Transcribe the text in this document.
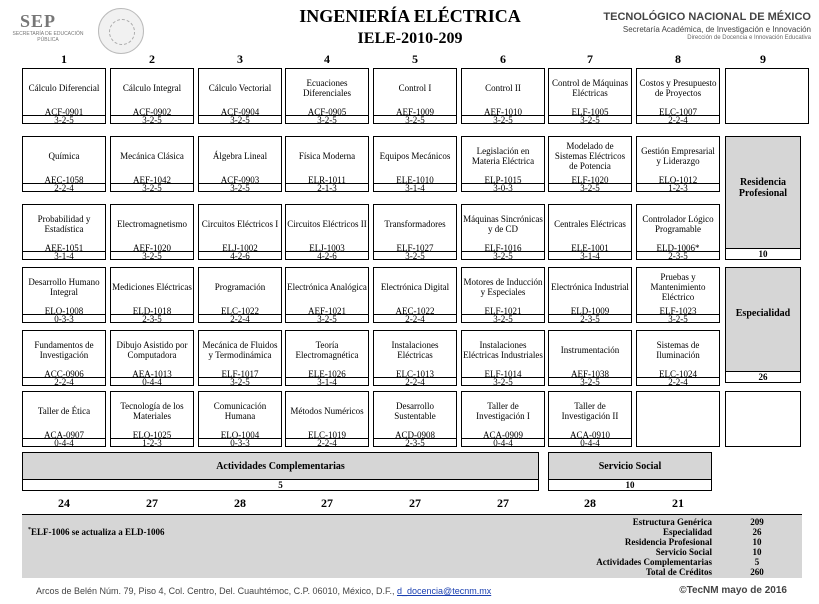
SEP
SECRETARÍA DE EDUCACIÓN PÚBLICA
INGENIERÍA ELÉCTRICA
IELE-2010-209
TECNOLÓGICO NACIONAL DE MÉXICO
Secretaría Académica, de Investigación e Innovación
Dirección de Docencia e Innovación Educativa
1	2	3	4	5	6	7	8	9
Cálculo Diferencial
ACF-0901
3-2-5
Cálculo Integral
ACF-0902
3-2-5
Cálculo Vectorial
ACF-0904
3-2-5
Ecuaciones Diferenciales
ACF-0905
3-2-5
Control I
AEF-1009
3-2-5
Control II
AEF-1010
3-2-5
Control de Máquinas Eléctricas
ELF-1005
3-2-5
Costos y Presupuesto de Proyectos
ELC-1007
2-2-4
Química
AEC-1058
2-2-4
Mecánica Clásica
AEF-1042
3-2-5
Álgebra Lineal
ACF-0903
3-2-5
Física Moderna
ELR-1011
2-1-3
Equipos Mecánicos
ELE-1010
3-1-4
Legislación en Materia Eléctrica
ELP-1015
3-0-3
Modelado de Sistemas Eléctricos de Potencia
ELF-1020
3-2-5
Gestión Empresarial y Liderazgo
ELQ-1012
1-2-3
Probabilidad y Estadística
AEE-1051
3-1-4
Electromagnetismo
AEF-1020
3-2-5
Circuitos Eléctricos I
ELJ-1002
4-2-6
Circuitos Eléctricos II
ELJ-1003
4-2-6
Transformadores
ELF-1027
3-2-5
Máquinas Sincrónicas y de CD
ELF-1016
3-2-5
Centrales Eléctricas
ELE-1001
3-1-4
Controlador Lógico Programable
ELD-1006*
2-3-5
Desarrollo Humano Integral
ELO-1008
0-3-3
Mediciones Eléctricas
ELD-1018
2-3-5
Programación
ELC-1022
2-2-4
Electrónica Analógica
AEF-1021
3-2-5
Electrónica Digital
AEC-1022
2-2-4
Motores de Inducción y Especiales
ELF-1021
3-2-5
Electrónica Industrial
ELD-1009
2-3-5
Pruebas y Mantenimiento Eléctrico
ELF-1023
3-2-5
Fundamentos de Investigación
ACC-0906
2-2-4
Dibujo Asistido por Computadora
AEA-1013
0-4-4
Mecánica de Fluidos y Termodinámica
ELF-1017
3-2-5
Teoría Electromagnética
ELE-1026
3-1-4
Instalaciones Eléctricas
ELC-1013
2-2-4
Instalaciones Eléctricas Industriales
ELF-1014
3-2-5
Instrumentación
AEF-1038
3-2-5
Sistemas de Iluminación
ELC-1024
2-2-4
Taller de Ética
ACA-0907
0-4-4
Tecnología de los Materiales
ELQ-1025
1-2-3
Comunicación Humana
ELO-1004
0-3-3
Métodos Numéricos
ELC-1019
2-2-4
Desarrollo Sustentable
ACD-0908
2-3-5
Taller de Investigación I
ACA-0909
0-4-4
Taller de Investigación II
ACA-0910
0-4-4
Residencia Profesional
10
Especialidad
26
Actividades Complementarias
5
Servicio Social
10
24	27	28	27	27	27	28	21
*ELF-1006 se actualiza a ELD-1006
Estructura Genérica	209
Especialidad	26
Residencia Profesional	10
Servicio Social	10
Actividades Complementarias	5
Total de Créditos	260
Arcos de Belén Núm. 79, Piso 4, Col. Centro, Del. Cuauhtémoc, C.P. 06010, México, D.F., d_docencia@tecnm.mx	©TecNM mayo de 2016
